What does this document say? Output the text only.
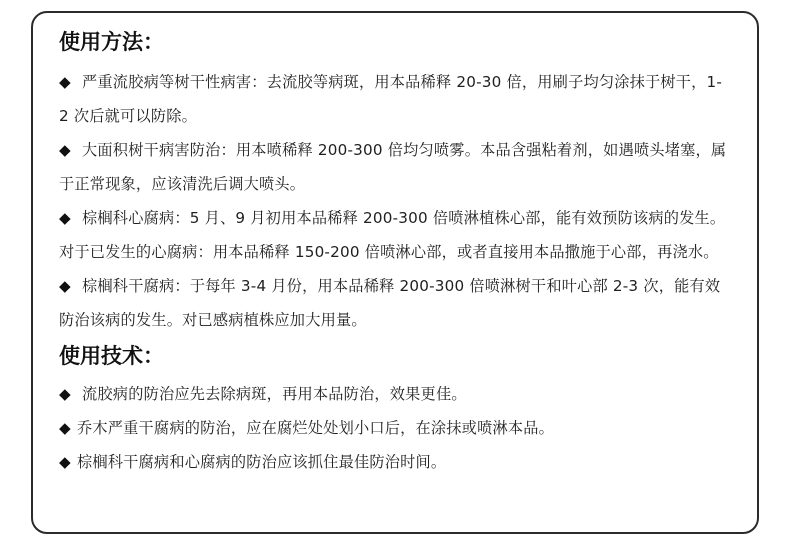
使用方法：
◆ 严重流胶病等树干性病害：去流胶等病斑，用本品稀释 20-30 倍，用刷子均匀涂抹于树干，1-2 次后就可以防除。
◆ 大面积树干病害防治：用本喷稀释 200-300 倍均匀喷雾。本品含强粘着剂，如遇喷头堵塞，属于正常现象，应该清洗后调大喷头。
◆ 棕榈科心腐病：5 月、9 月初用本品稀释 200-300 倍喷淋植株心部，能有效预防该病的发生。对于已发生的心腐病：用本品稀释 150-200 倍喷淋心部，或者直接用本品撒施于心部，再浇水。
◆ 棕榈科干腐病：于每年 3-4 月份，用本品稀释 200-300 倍喷淋树干和叶心部 2-3 次，能有效防治该病的发生。对已感病植株应加大用量。
使用技术：
◆ 流胶病的防治应先去除病斑，再用本品防治，效果更佳。
◆ 乔木严重干腐病的防治，应在腐烂处处划小口后，在涂抹或喷淋本品。
◆ 棕榈科干腐病和心腐病的防治应该抓住最佳防治时间。
